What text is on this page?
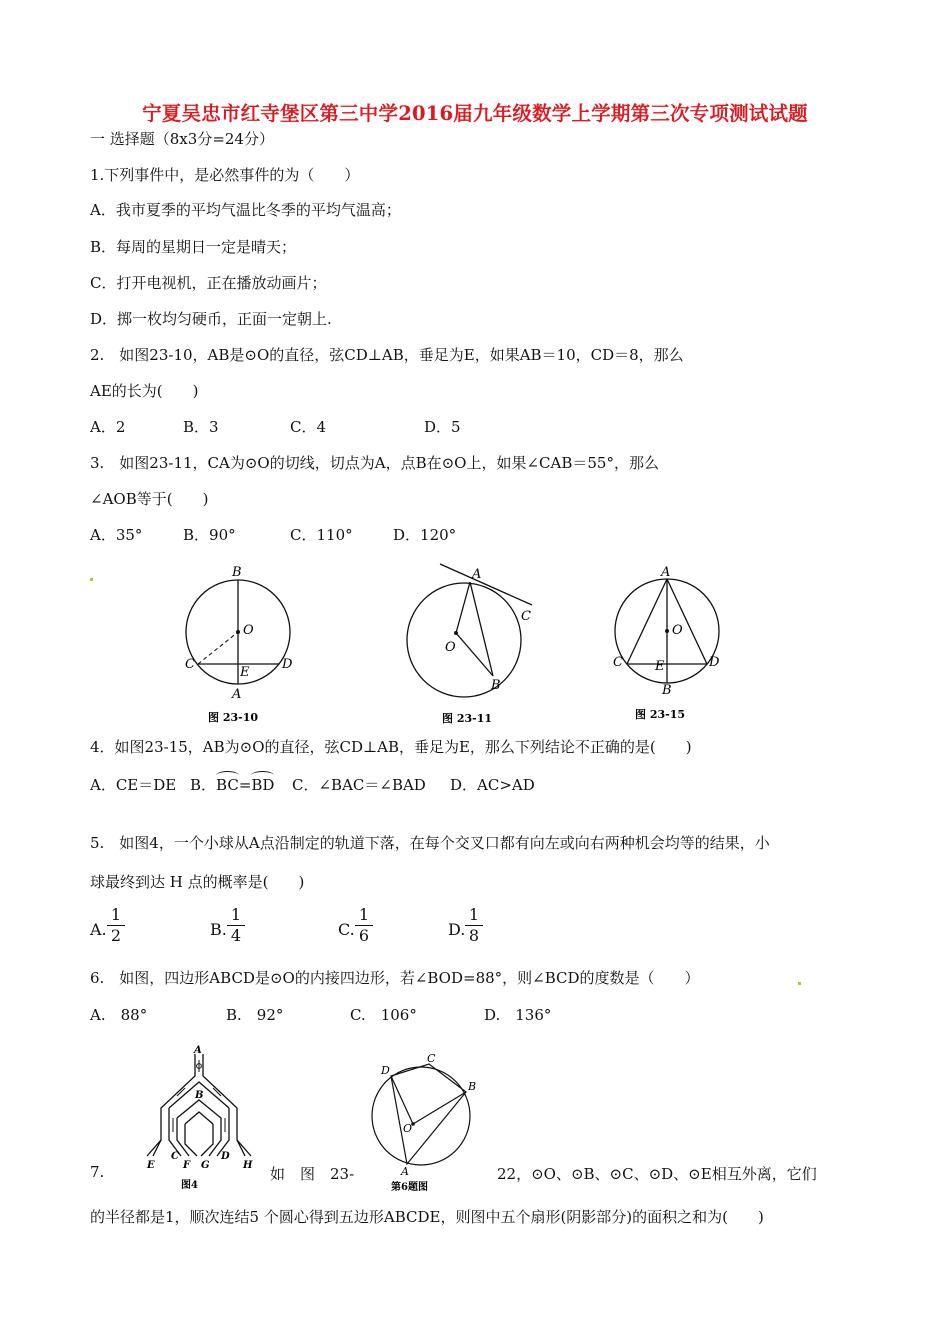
宁夏吴忠市红寺堡区第三中学2016届九年级数学上学期第三次专项测试试题
一 选择题（8x3分=24分）
1.下列事件中，是必然事件的为（　　）
A．我市夏季的平均气温比冬季的平均气温高；
B．每周的星期日一定是晴天；
C．打开电视机，正在播放动画片；
D．掷一枚均匀硬币，正面一定朝上.
2.　如图23-10，AB是⊙O的直径，弦CD⊥AB，垂足为E，如果AB＝10，CD＝8，那么
AE的长为(　　)
A．2	B．3	C．4	D．5
3.　如图23-11，CA为⊙O的切线，切点为A，点B在⊙O上，如果∠CAB＝55°，那么
∠AOB等于(　　)
A．35°	B．90°	C．110°	D．120°
B
O
C
E
D
A
图 23-10
A
C
O
B
图 23-11
A
O
C E	D
B
图 23-15
4．如图23-15，AB为⊙O的直径，弦CD⊥AB，垂足为E，那么下列结论不正确的是(　　)
A．CE＝DE B．BC=BD C．∠BAC＝∠BAD D．AC>AD
5.　如图4，一个小球从A点沿制定的轨道下落，在每个交叉口都有向左或向右两种机会均等的结果，小
球最终到达 H 点的概率是(　　)
A.
1
2	B.
1
4	C.
1
6	D.
1
8
6.　如图，四边形ABCD是⊙O的内接四边形，若∠BOD=88°，则∠BCD的度数是（　　）
A.　88°	B.　92°	C.　106°	D.　136°
A
B
C
E	F G
D
H
图4
C
D
B
O
A
第6题图
7.	如　图　23-	22，⊙O、⊙B、⊙C、⊙D、⊙E相互外离，它们
的半径都是1，顺次连结5 个圆心得到五边形ABCDE，则图中五个扇形(阴影部分)的面积之和为(　　)
